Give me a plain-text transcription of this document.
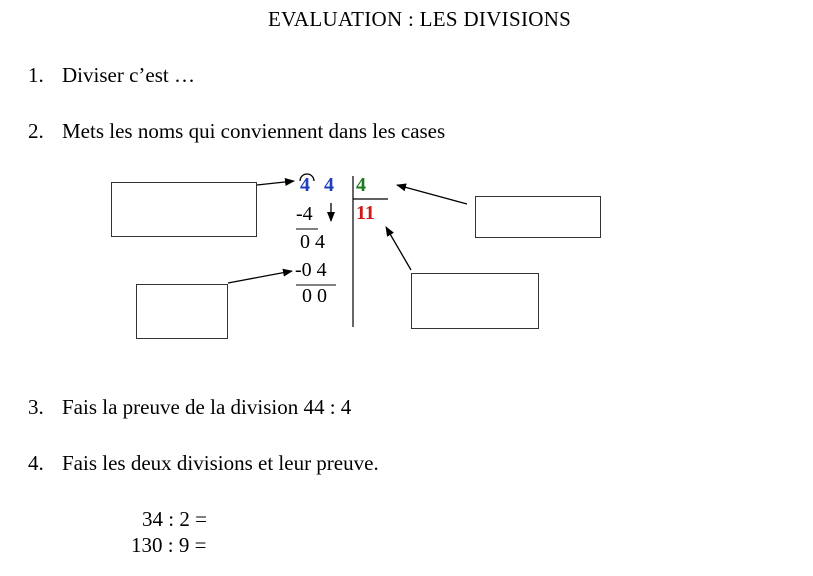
EVALUATION : LES DIVISIONS
1. Diviser c’est …
2. Mets les noms qui conviennent dans les cases
4 4 4
11
-4
0 4
-0 4
0 0
3. Fais la preuve de la division 44 : 4
4. Fais les deux divisions et leur preuve.
34 : 2 =
130 : 9 =
